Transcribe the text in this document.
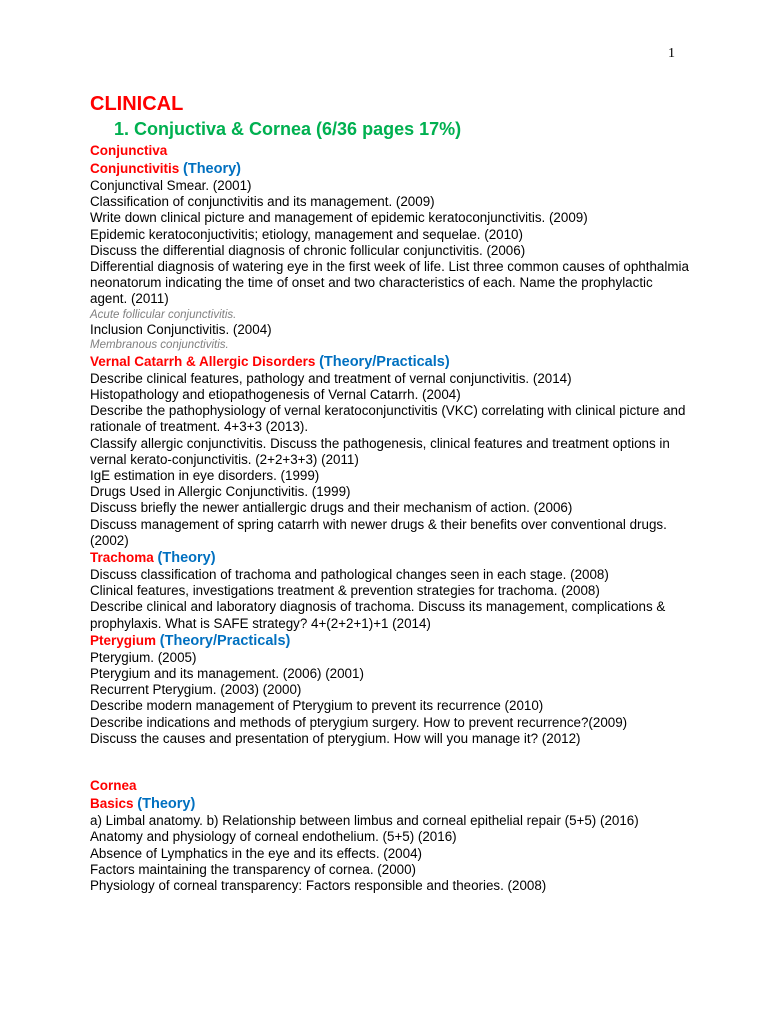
1
CLINICAL
1. Conjuctiva & Cornea (6/36 pages 17%)
Conjunctiva
Conjunctivitis (Theory)
Conjunctival Smear. (2001)
Classification of conjunctivitis and its management. (2009)
Write down clinical picture and management of epidemic keratoconjunctivitis. (2009)
Epidemic keratoconjuctivitis; etiology, management and sequelae. (2010)
Discuss the differential diagnosis of chronic follicular conjunctivitis. (2006)
Differential diagnosis of watering eye in the first week of life. List three common causes of ophthalmia neonatorum indicating the time of onset and two characteristics of each. Name the prophylactic agent. (2011)
Acute follicular conjunctivitis.
Inclusion Conjunctivitis. (2004)
Membranous conjunctivitis.
Vernal Catarrh & Allergic Disorders (Theory/Practicals)
Describe clinical features, pathology and treatment of vernal conjunctivitis. (2014)
Histopathology and etiopathogenesis of Vernal Catarrh. (2004)
Describe the pathophysiology of vernal keratoconjunctivitis (VKC) correlating with clinical picture and rationale of treatment. 4+3+3 (2013).
Classify allergic conjunctivitis. Discuss the pathogenesis, clinical features and treatment options in vernal kerato-conjunctivitis. (2+2+3+3) (2011)
IgE estimation in eye disorders. (1999)
Drugs Used in Allergic Conjunctivitis. (1999)
Discuss briefly the newer antiallergic drugs and their mechanism of action. (2006)
Discuss management of spring catarrh with newer drugs & their benefits over conventional drugs. (2002)
Trachoma (Theory)
Discuss classification of trachoma and pathological changes seen in each stage. (2008)
Clinical features, investigations treatment & prevention strategies for trachoma. (2008)
Describe clinical and laboratory diagnosis of trachoma. Discuss its management, complications & prophylaxis. What is SAFE strategy? 4+(2+2+1)+1 (2014)
Pterygium (Theory/Practicals)
Pterygium. (2005)
Pterygium and its management. (2006) (2001)
Recurrent Pterygium. (2003) (2000)
Describe modern management of Pterygium to prevent its recurrence (2010)
Describe indications and methods of pterygium surgery. How to prevent recurrence?(2009)
Discuss the causes and presentation of pterygium. How will you manage it? (2012)
Cornea
Basics (Theory)
a) Limbal anatomy. b) Relationship between limbus and corneal epithelial repair (5+5) (2016)
Anatomy and physiology of corneal endothelium. (5+5) (2016)
Absence of Lymphatics in the eye and its effects. (2004)
Factors maintaining the transparency of cornea. (2000)
Physiology of corneal transparency: Factors responsible and theories. (2008)
